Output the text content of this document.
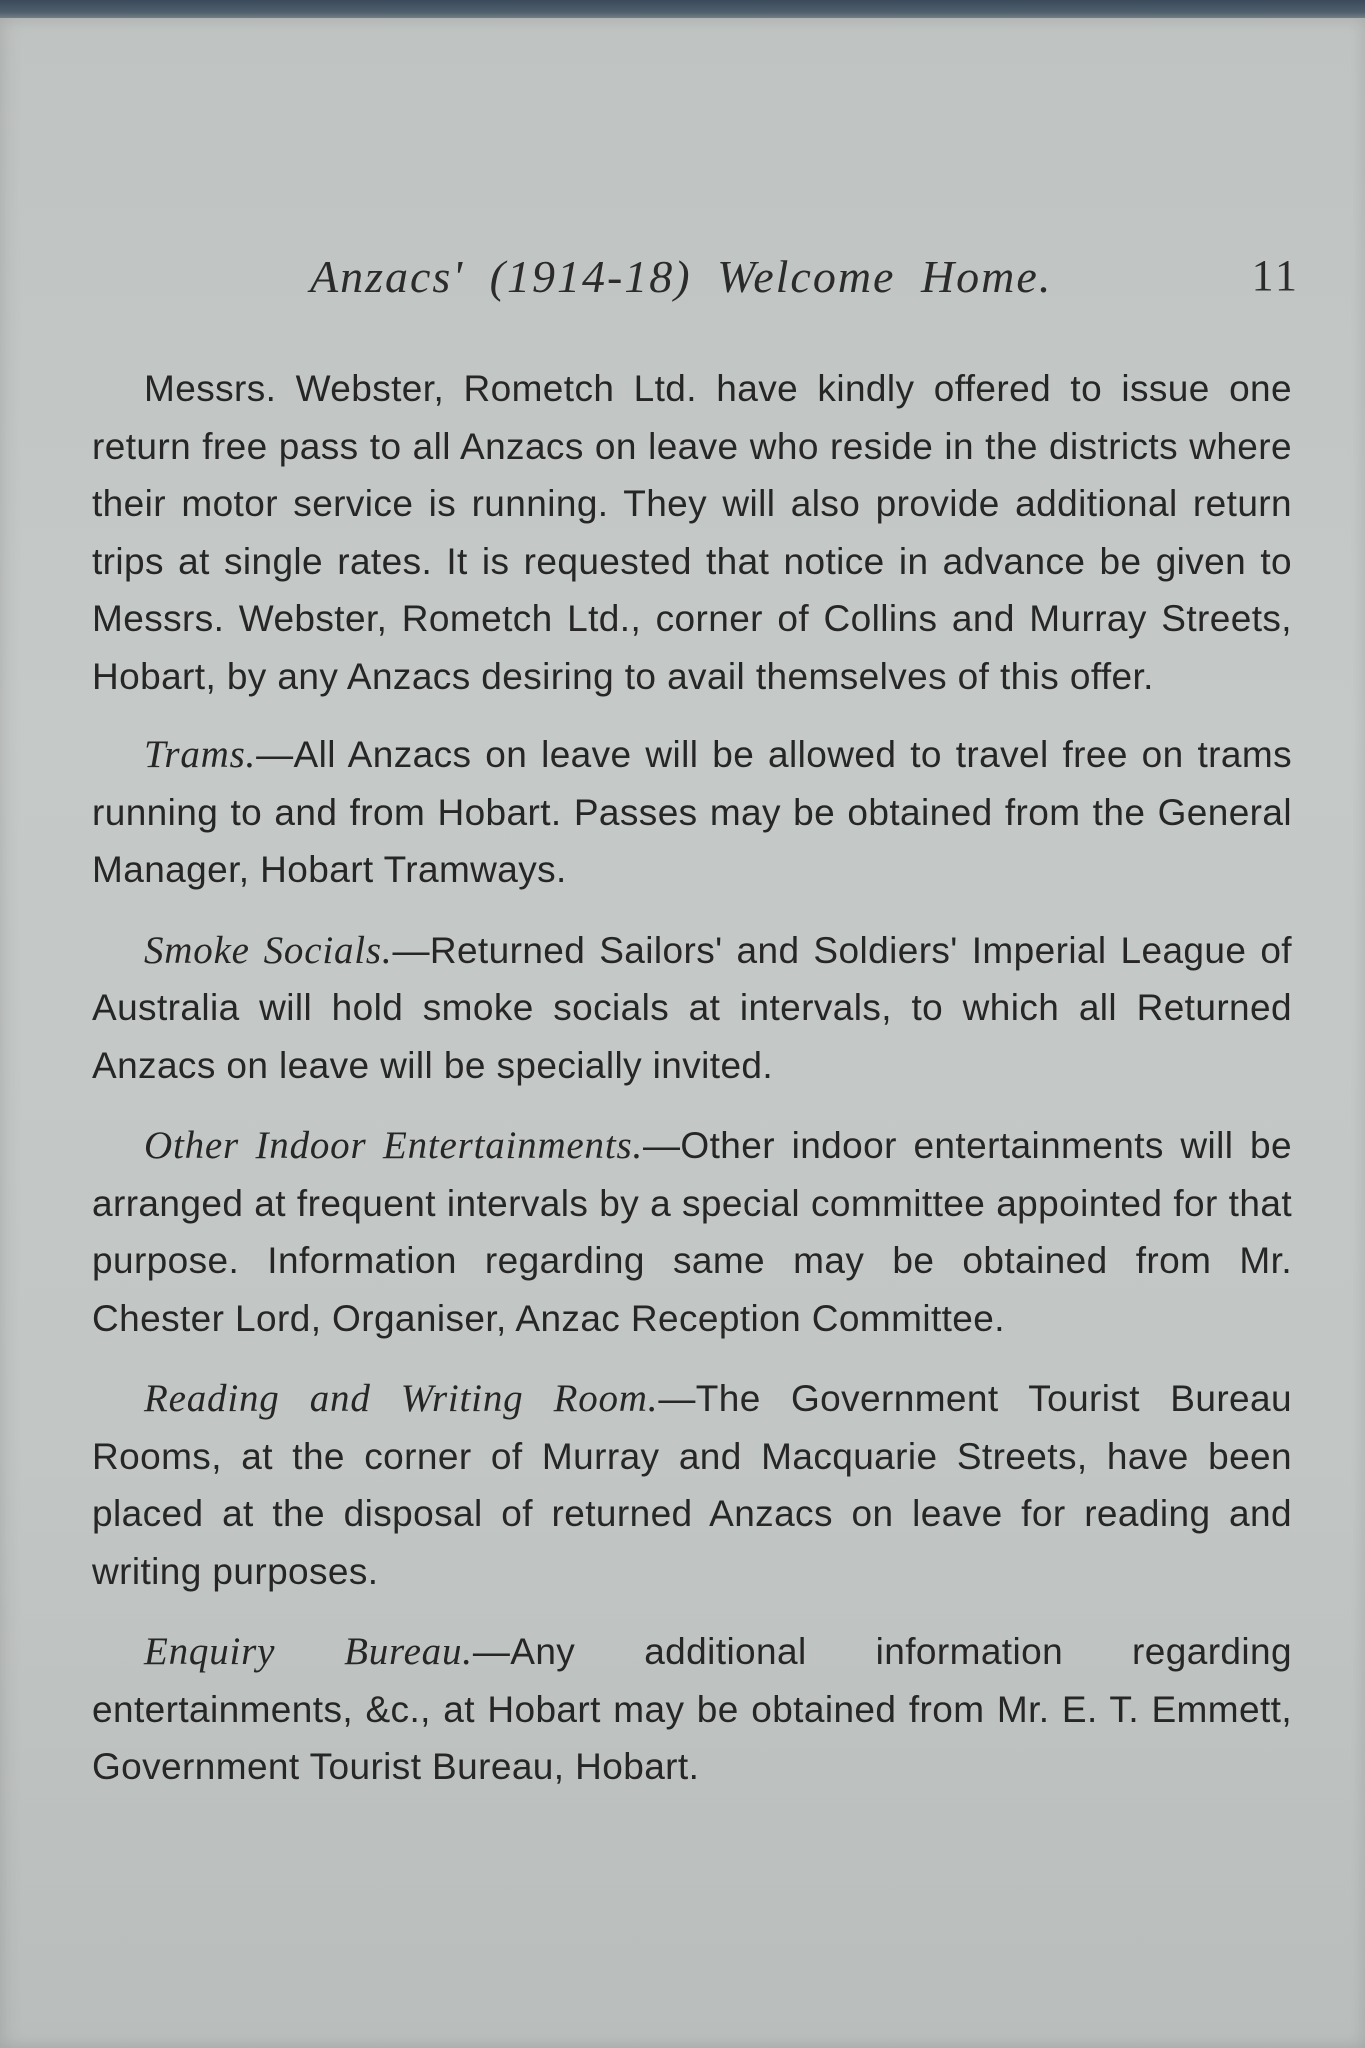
Anzacs' (1914-18) Welcome Home.	11

Messrs. Webster, Rometch Ltd. have kindly offered to issue one return free pass to all Anzacs on leave who reside in the districts where their motor service is running. They will also provide additional return trips at single rates. It is requested that notice in advance be given to Messrs. Webster, Rometch Ltd., corner of Collins and Murray Streets, Hobart, by any Anzacs desiring to avail themselves of this offer.

Trams.—All Anzacs on leave will be allowed to travel free on trams running to and from Hobart. Passes may be obtained from the General Manager, Hobart Tramways.

Smoke Socials.—Returned Sailors' and Soldiers' Imperial League of Australia will hold smoke socials at intervals, to which all Returned Anzacs on leave will be specially invited.

Other Indoor Entertainments.—Other indoor entertainments will be arranged at frequent intervals by a special committee appointed for that purpose. Information regarding same may be obtained from Mr. Chester Lord, Organiser, Anzac Reception Committee.

Reading and Writing Room.—The Government Tourist Bureau Rooms, at the corner of Murray and Macquarie Streets, have been placed at the disposal of returned Anzacs on leave for reading and writing purposes.

Enquiry Bureau.—Any additional information regarding entertainments, &c., at Hobart may be obtained from Mr. E. T. Emmett, Government Tourist Bureau, Hobart.
